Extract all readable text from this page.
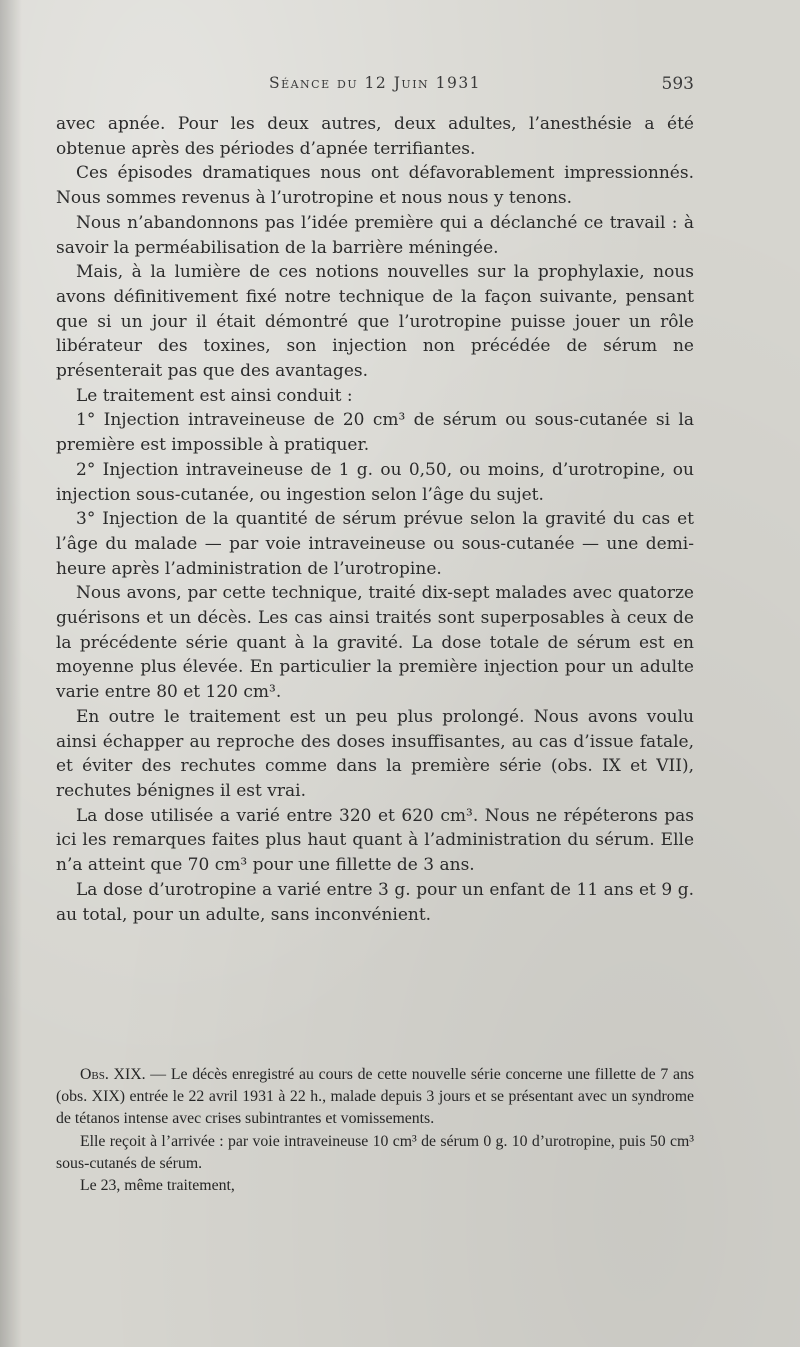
Séance du 12 Juin 1931	593

avec apnée. Pour les deux autres, deux adultes, l’anesthésie a été obtenue après des périodes d’apnée terrifiantes.

Ces épisodes dramatiques nous ont défavorablement impressionnés. Nous sommes revenus à l’urotropine et nous nous y tenons.

Nous n’abandonnons pas l’idée première qui a déclanché ce travail : à savoir la perméabilisation de la barrière méningée.

Mais, à la lumière de ces notions nouvelles sur la prophylaxie, nous avons définitivement fixé notre technique de la façon suivante, pensant que si un jour il était démontré que l’urotropine puisse jouer un rôle libérateur des toxines, son injection non précédée de sérum ne présenterait pas que des avantages.

Le traitement est ainsi conduit :

1° Injection intraveineuse de 20 cm³ de sérum ou sous-cutanée si la première est impossible à pratiquer.

2° Injection intraveineuse de 1 g. ou 0,50, ou moins, d’urotropine, ou injection sous-cutanée, ou ingestion selon l’âge du sujet.

3° Injection de la quantité de sérum prévue selon la gravité du cas et l’âge du malade — par voie intraveineuse ou sous-cutanée — une demi-heure après l’administration de l’urotropine.

Nous avons, par cette technique, traité dix-sept malades avec quatorze guérisons et un décès. Les cas ainsi traités sont superposables à ceux de la précédente série quant à la gravité. La dose totale de sérum est en moyenne plus élevée. En particulier la première injection pour un adulte varie entre 80 et 120 cm³.

En outre le traitement est un peu plus prolongé. Nous avons voulu ainsi échapper au reproche des doses insuffisantes, au cas d’issue fatale, et éviter des rechutes comme dans la première série (obs. IX et VII), rechutes bénignes il est vrai.

La dose utilisée a varié entre 320 et 620 cm³. Nous ne répéterons pas ici les remarques faites plus haut quant à l’administration du sérum. Elle n’a atteint que 70 cm³ pour une fillette de 3 ans.

La dose d’urotropine a varié entre 3 g. pour un enfant de 11 ans et 9 g. au total, pour un adulte, sans inconvénient.

Obs. XIX. — Le décès enregistré au cours de cette nouvelle série concerne une fillette de 7 ans (obs. XIX) entrée le 22 avril 1931 à 22 h., malade depuis 3 jours et se présentant avec un syndrome de tétanos intense avec crises subintrantes et vomissements.

Elle reçoit à l’arrivée : par voie intraveineuse 10 cm³ de sérum 0 g. 10 d’urotropine, puis 50 cm³ sous-cutanés de sérum.

Le 23, même traitement,
